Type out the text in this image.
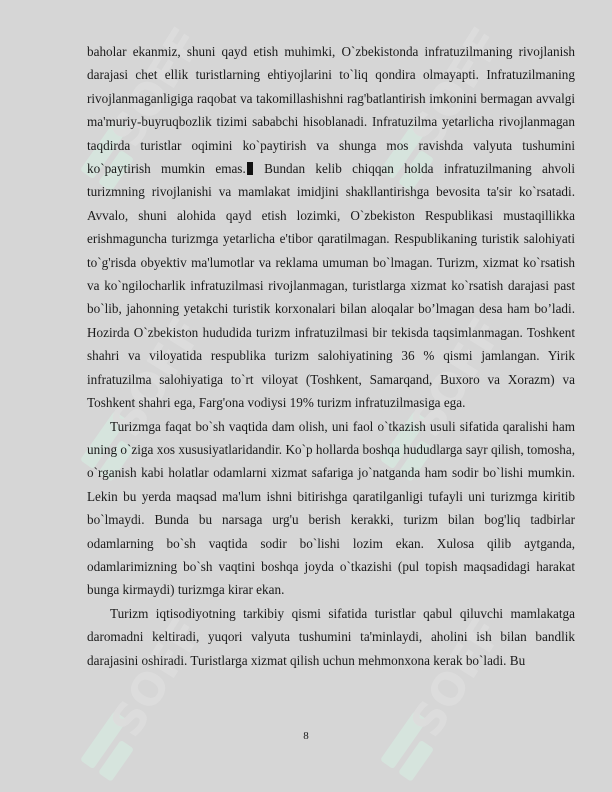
SOFF	SOFF
SOFF	SOFF
SOFF	SOFF

baholar ekanmiz, shuni qayd etish muhimki, O`zbekistonda infratuzilmaning rivojlanish darajasi chet ellik turistlarning ehtiyojlarini to`liq qondira olmayapti. Infratuzilmaning rivojlanmaganligiga raqobat va takomillashishni rag'batlantirish imkonini bermagan avvalgi ma'muriy-buyruqbozlik tizimi sababchi hisoblanadi. Infratuzilma yetarlicha rivojlanmagan taqdirda turistlar oqimini ko`paytirish va shunga mos ravishda valyuta tushumini ko`paytirish mumkin emas. Bundan kelib chiqqan holda infratuzilmaning ahvoli turizmning rivojlanishi va mamlakat imidjini shakllantirishga bevosita ta'sir ko`rsatadi. Avvalo, shuni alohida qayd etish lozimki, O`zbekiston Respublikasi mustaqillikka erishmaguncha turizmga yetarlicha e'tibor qaratilmagan. Respublikaning turistik salohiyati to`g'risda obyektiv ma'lumotlar va reklama umuman bo`lmagan. Turizm, xizmat ko`rsatish va ko`ngilocharlik infratuzilmasi rivojlanmagan, turistlarga xizmat ko`rsatish darajasi past bo`lib, jahonning yetakchi turistik korxonalari bilan aloqalar bo’lmagan desa ham bo’ladi. Hozirda O`zbekiston hududida turizm infratuzilmasi bir tekisda taqsimlanmagan. Toshkent shahri va viloyatida respublika turizm salohiyatining 36 % qismi jamlangan. Yirik infratuzilma salohiyatiga to`rt viloyat (Toshkent, Samarqand, Buxoro va Xorazm) va Toshkent shahri ega, Farg'ona vodiysi 19% turizm infratuzilmasiga ega.

Turizmga faqat bo`sh vaqtida dam olish, uni faol o`tkazish usuli sifatida qaralishi ham uning o`ziga xos xususiyatlaridandir. Ko`p hollarda boshqa hududlarga sayr qilish, tomosha, o`rganish kabi holatlar odamlarni xizmat safariga jo`natganda ham sodir bo`lishi mumkin. Lekin bu yerda maqsad ma'lum ishni bitirishga qaratilganligi tufayli uni turizmga kiritib bo`lmaydi. Bunda bu narsaga urg'u berish kerakki, turizm bilan bog'liq tadbirlar odamlarning bo`sh vaqtida sodir bo`lishi lozim ekan. Xulosa qilib aytganda, odamlarimizning bo`sh vaqtini boshqa joyda o`tkazishi (pul topish maqsadidagi harakat bunga kirmaydi) turizmga kirar ekan.

Turizm iqtisodiyotning tarkibiy qismi sifatida turistlar qabul qiluvchi mamlakatga daromadni keltiradi, yuqori valyuta tushumini ta'minlaydi, aholini ish bilan bandlik darajasini oshiradi. Turistlarga xizmat qilish uchun mehmonxona kerak bo`ladi. Bu

8
